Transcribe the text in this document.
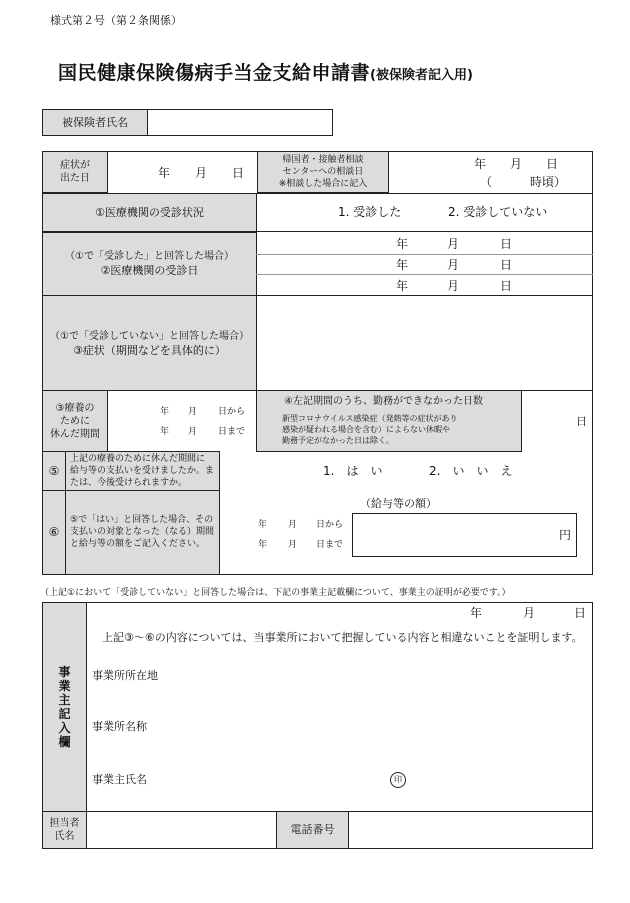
様式第２号（第２条関係）
国民健康保険傷病手当金支給申請書 (被保険者記入用)
被保険者氏名
症状が
出た日	年 月 日
帰国者・接触者相談
センターへの相談日
※相談した場合に記入
年 月 日
（	時頃）
①医療機関の受診状況	1. 受診した	2. 受診していない
（①で「受診した」と回答した場合）
②医療機関の受診日
年	月	日
年	月	日
年	月	日
（①で「受診していない」と回答した場合）
③症状（期間などを具体的に）
③療養の
ために
休んだ期間
年 月 日から
年 月 日まで
④左記期間のうち、勤務ができなかった日数
新型コロナウイルス感染症（発熱等の症状があり
感染が疑われる場合を含む）によらない休暇や
勤務予定がなかった日は除く。
日
⑤
上記の療養のために休んだ期間に
給与等の支払いを受けましたか。ま
たは、今後受けられますか。
1.　は　い	2.　い　い　え
⑥
⑤で「はい」と回答した場合、その
支払いの対象となった（なる）期間
と給与等の額をご記入ください。
年 月 日から
年 月 日まで
（給与等の額）
円
（上記①において「受診していない」と回答した場合は、下記の事業主記載欄について、事業主の証明が必要です。）
事
業
主
記
入
欄
年	月	日
上記③～⑥の内容については、当事業所において把握している内容と相違ないことを証明します。
事業所所在地
事業所名称
事業主氏名	印
担当者
氏名
電話番号
